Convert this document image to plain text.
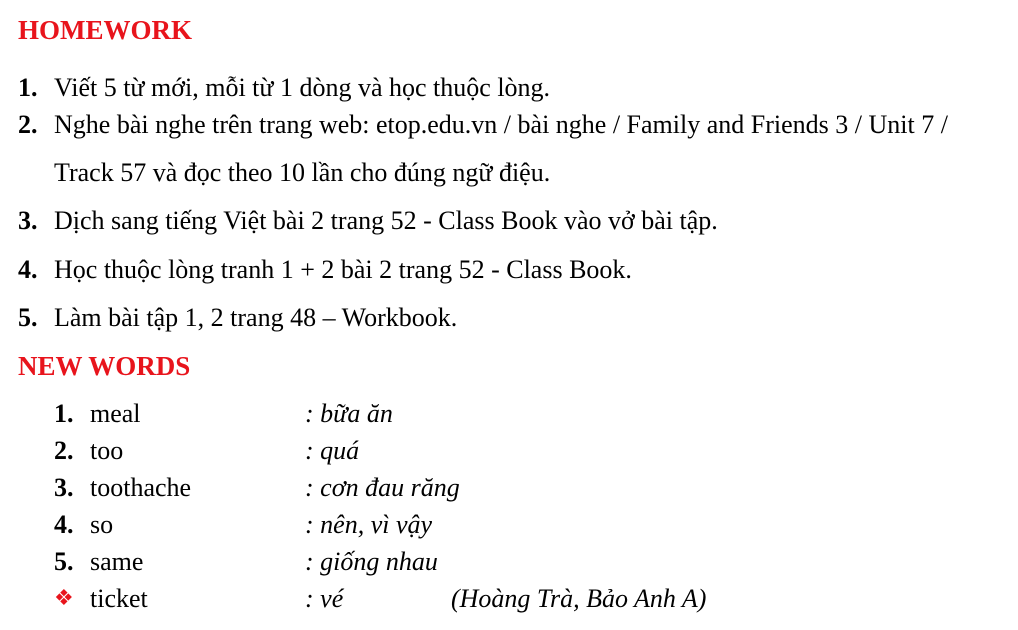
HOMEWORK
1. Viết 5 từ mới, mỗi từ 1 dòng và học thuộc lòng.
2. Nghe bài nghe trên trang web: etop.edu.vn / bài nghe / Family and Friends 3 / Unit 7 /
Track 57 và đọc theo 10 lần cho đúng ngữ điệu.
3. Dịch sang tiếng Việt bài 2 trang 52 - Class Book vào vở bài tập.
4. Học thuộc lòng tranh 1 + 2 bài 2 trang 52 - Class Book.
5. Làm bài tập 1, 2 trang 48 – Workbook.
NEW WORDS
1. meal	: bữa ăn
2. too	: quá
3. toothache	: cơn đau răng
4. so	: nên, vì vậy
5. same	: giống nhau
❖ ticket	: vé	(Hoàng Trà, Bảo Anh A)
